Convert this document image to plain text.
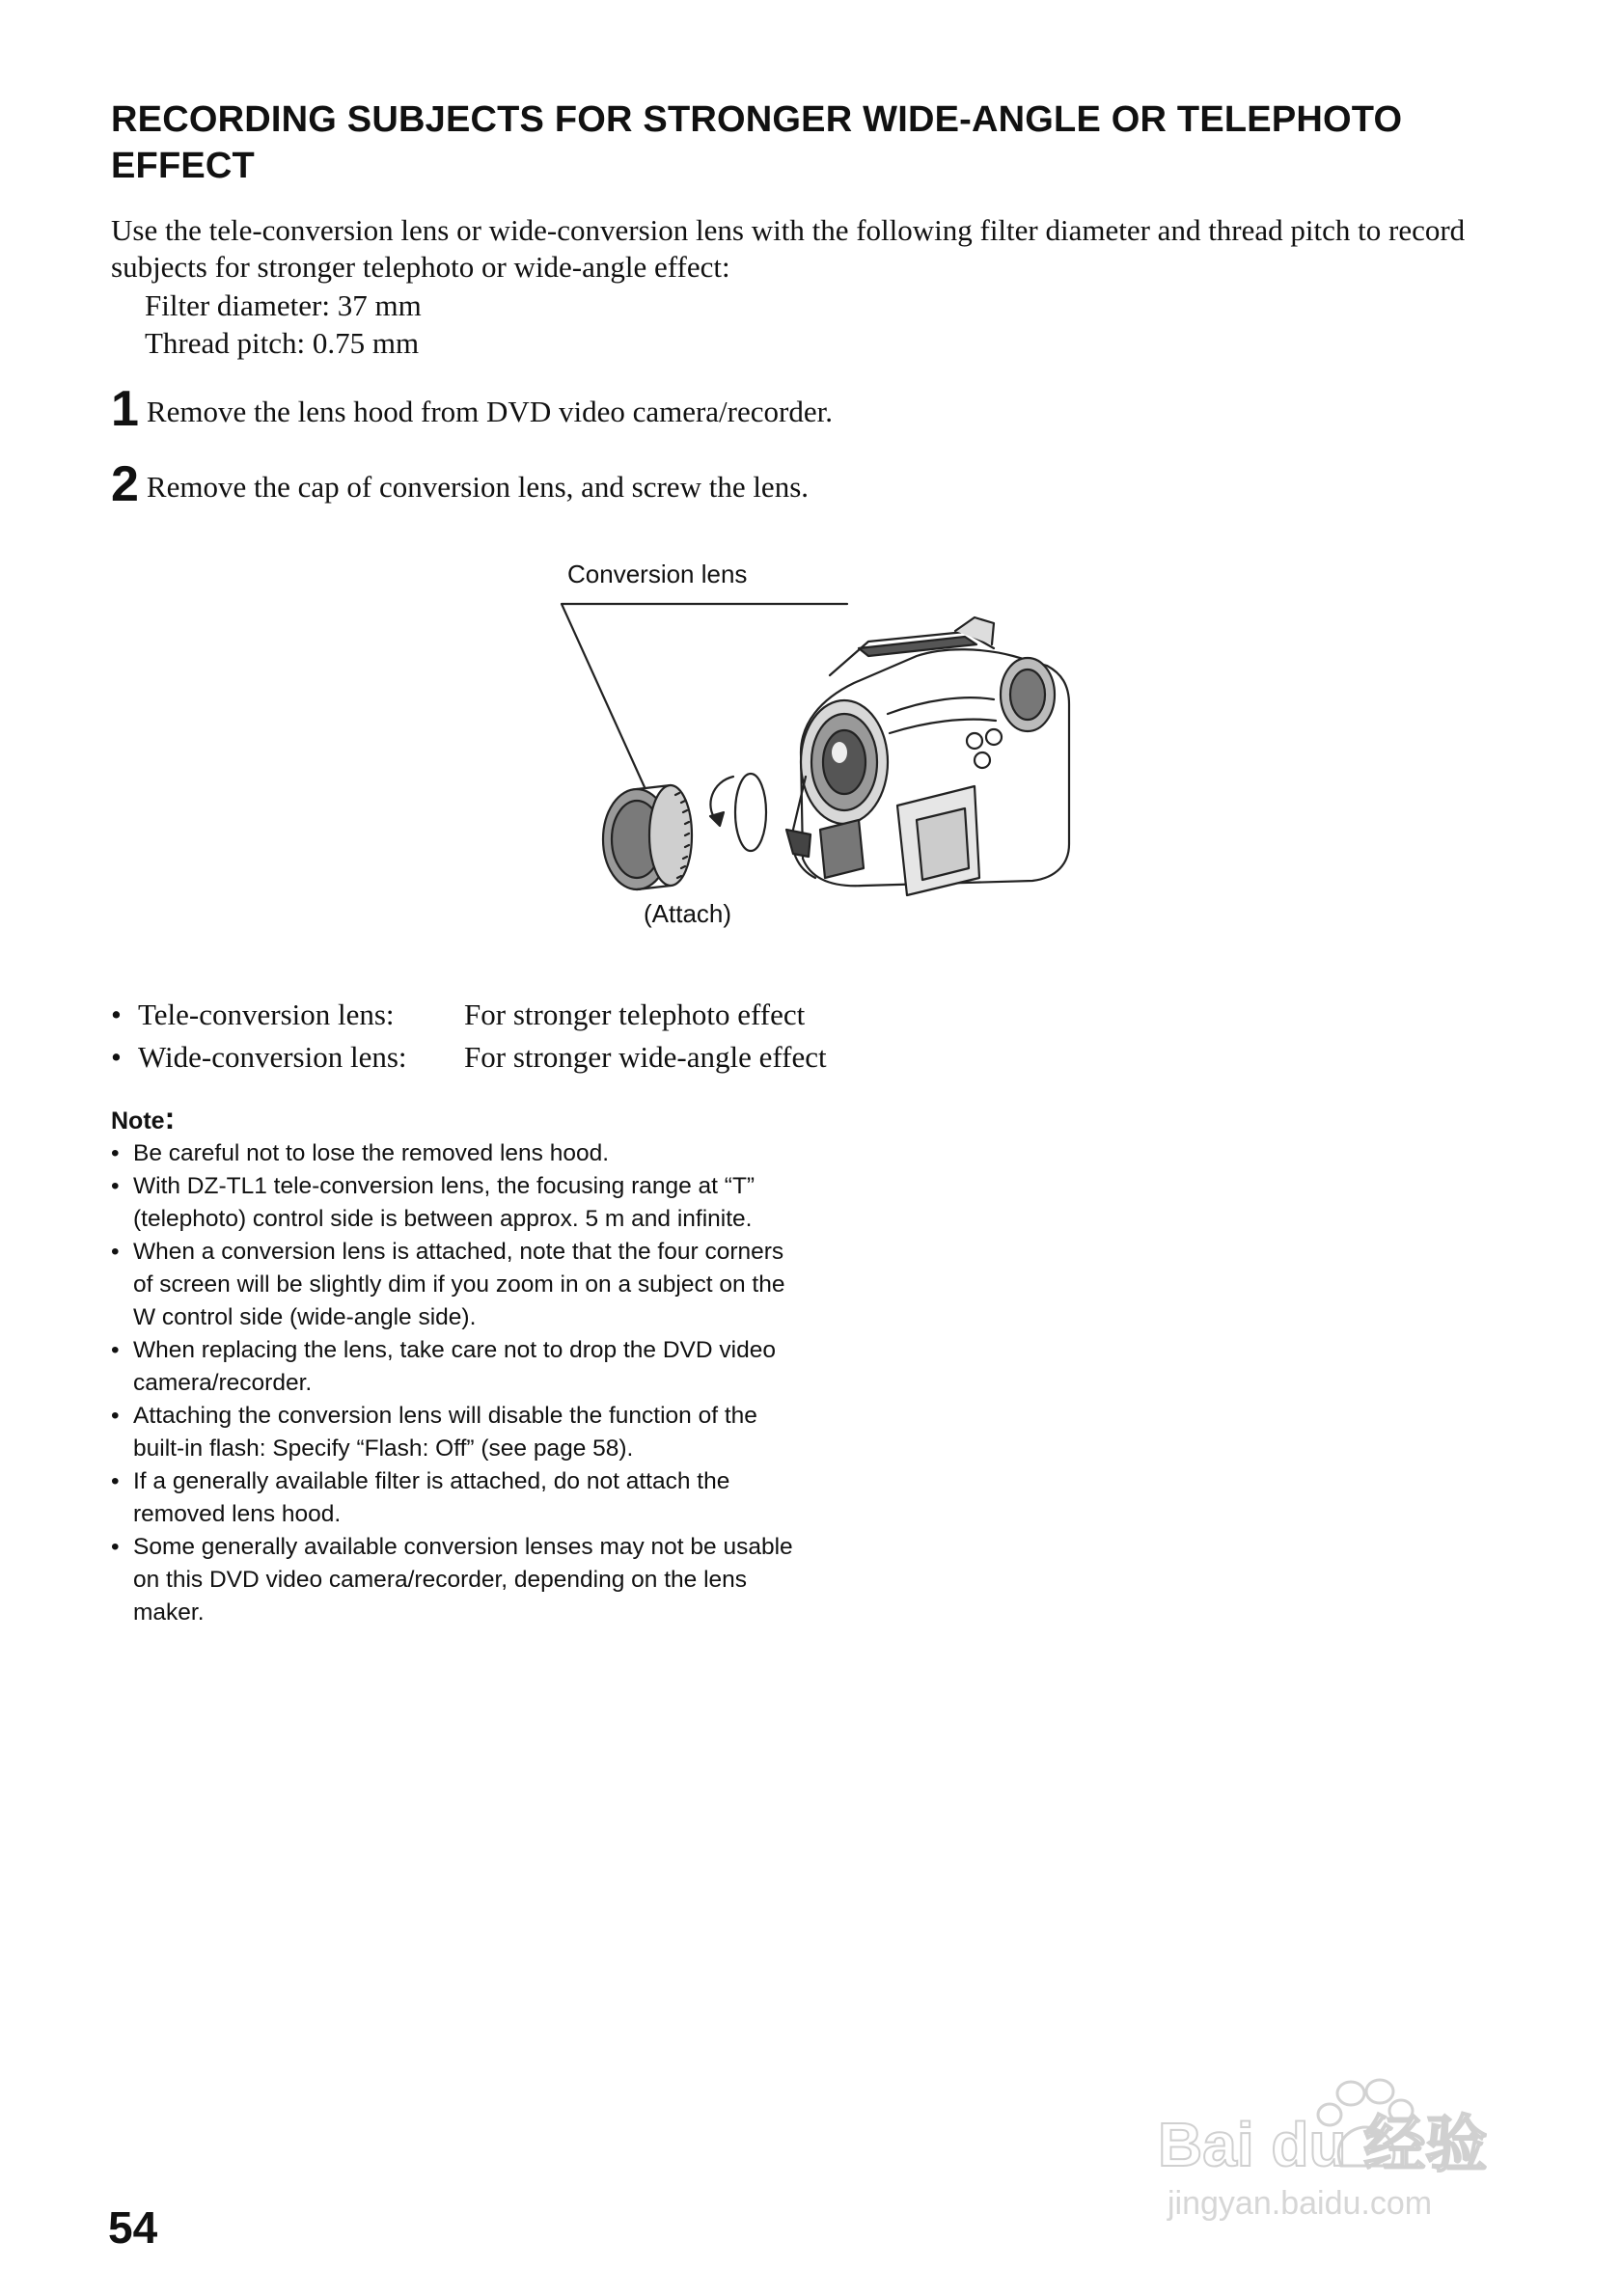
RECORDING SUBJECTS FOR STRONGER WIDE-ANGLE OR TELEPHOTO EFFECT
Use the tele-conversion lens or wide-conversion lens with the following filter diameter and thread pitch to record subjects for stronger telephoto or wide-angle effect:
Filter diameter: 37 mm
Thread pitch: 0.75 mm
1 Remove the lens hood from DVD video camera/recorder.
2 Remove the cap of conversion lens, and screw the lens.
Conversion lens
(Attach)
• Tele-conversion lens:	For stronger telephoto effect
• Wide-conversion lens:	For stronger wide-angle effect
Note:
• Be careful not to lose the removed lens hood.
• With DZ-TL1 tele-conversion lens, the focusing range at “T” (telephoto) control side is between approx. 5 m and infinite.
• When a conversion lens is attached, note that the four corners of screen will be slightly dim if you zoom in on a subject on the W control side (wide-angle side).
• When replacing the lens, take care not to drop the DVD video camera/recorder.
• Attaching the conversion lens will disable the function of the built-in flash: Specify “Flash: Off” (see page 58).
• If a generally available filter is attached, do not attach the removed lens hood.
• Some generally available conversion lenses may not be usable on this DVD video camera/recorder, depending on the lens maker.
54
Bai du 经验
jingyan.baidu.com
